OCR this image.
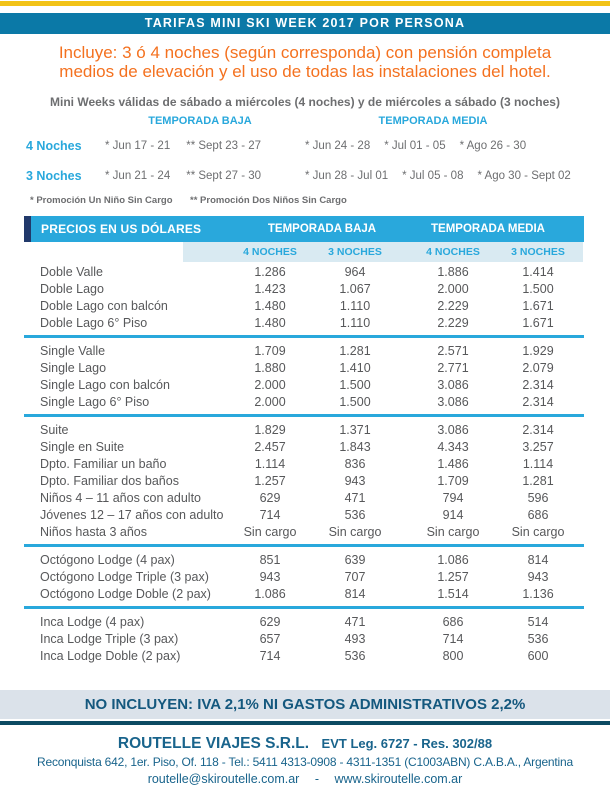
TARIFAS MINI SKI WEEK 2017 POR PERSONA
Incluye: 3 ó 4 noches (según corresponda) con pensión completa
medios de elevación y el uso de todas las instalaciones del hotel.
Mini Weeks válidas de sábado a miércoles (4 noches) y de miércoles a sábado (3 noches)
TEMPORADA BAJA	TEMPORADA MEDIA
4 Noches * Jun 17 - 21 ** Sept 23 - 27	* Jun 24 - 28 * Jul 01 - 05 * Ago 26 - 30
3 Noches * Jun 21 - 24 ** Sept 27 - 30	* Jun 28 - Jul 01 * Jul 05 - 08 * Ago 30 - Sept 02
* Promoción Un Niño Sin Cargo ** Promoción Dos Niños Sin Cargo
PRECIOS EN US DÓLARES	TEMPORADA BAJA	TEMPORADA MEDIA
4 NOCHES	3 NOCHES	4 NOCHES	3 NOCHES
Doble Valle	1.286	964	1.886	1.414
Doble Lago	1.423	1.067	2.000	1.500
Doble Lago con balcón	1.480	1.110	2.229	1.671
Doble Lago 6° Piso	1.480	1.110	2.229	1.671
Single Valle	1.709	1.281	2.571	1.929
Single Lago	1.880	1.410	2.771	2.079
Single Lago con balcón	2.000	1.500	3.086	2.314
Single Lago 6° Piso	2.000	1.500	3.086	2.314
Suite	1.829	1.371	3.086	2.314
Single en Suite	2.457	1.843	4.343	3.257
Dpto. Familiar un baño	1.114	836	1.486	1.114
Dpto. Familiar dos baños	1.257	943	1.709	1.281
Niños 4 – 11 años con adulto	629	471	794	596
Jóvenes 12 – 17 años con adulto	714	536	914	686
Niños hasta 3 años	Sin cargo	Sin cargo	Sin cargo	Sin cargo
Octógono Lodge (4 pax)	851	639	1.086	814
Octógono Lodge Triple (3 pax)	943	707	1.257	943
Octógono Lodge Doble (2 pax)	1.086	814	1.514	1.136
Inca Lodge (4 pax)	629	471	686	514
Inca Lodge Triple (3 pax)	657	493	714	536
Inca Lodge Doble (2 pax)	714	536	800	600
NO INCLUYEN: IVA 2,1% NI GASTOS ADMINISTRATIVOS 2,2%
ROUTELLE VIAJES S.R.L. EVT Leg. 6727 - Res. 302/88
Reconquista 642, 1er. Piso, Of. 118 - Tel.: 5411 4313-0908 - 4311-1351 (C1003ABN) C.A.B.A., Argentina
routelle@skiroutelle.com.ar - www.skiroutelle.com.ar
